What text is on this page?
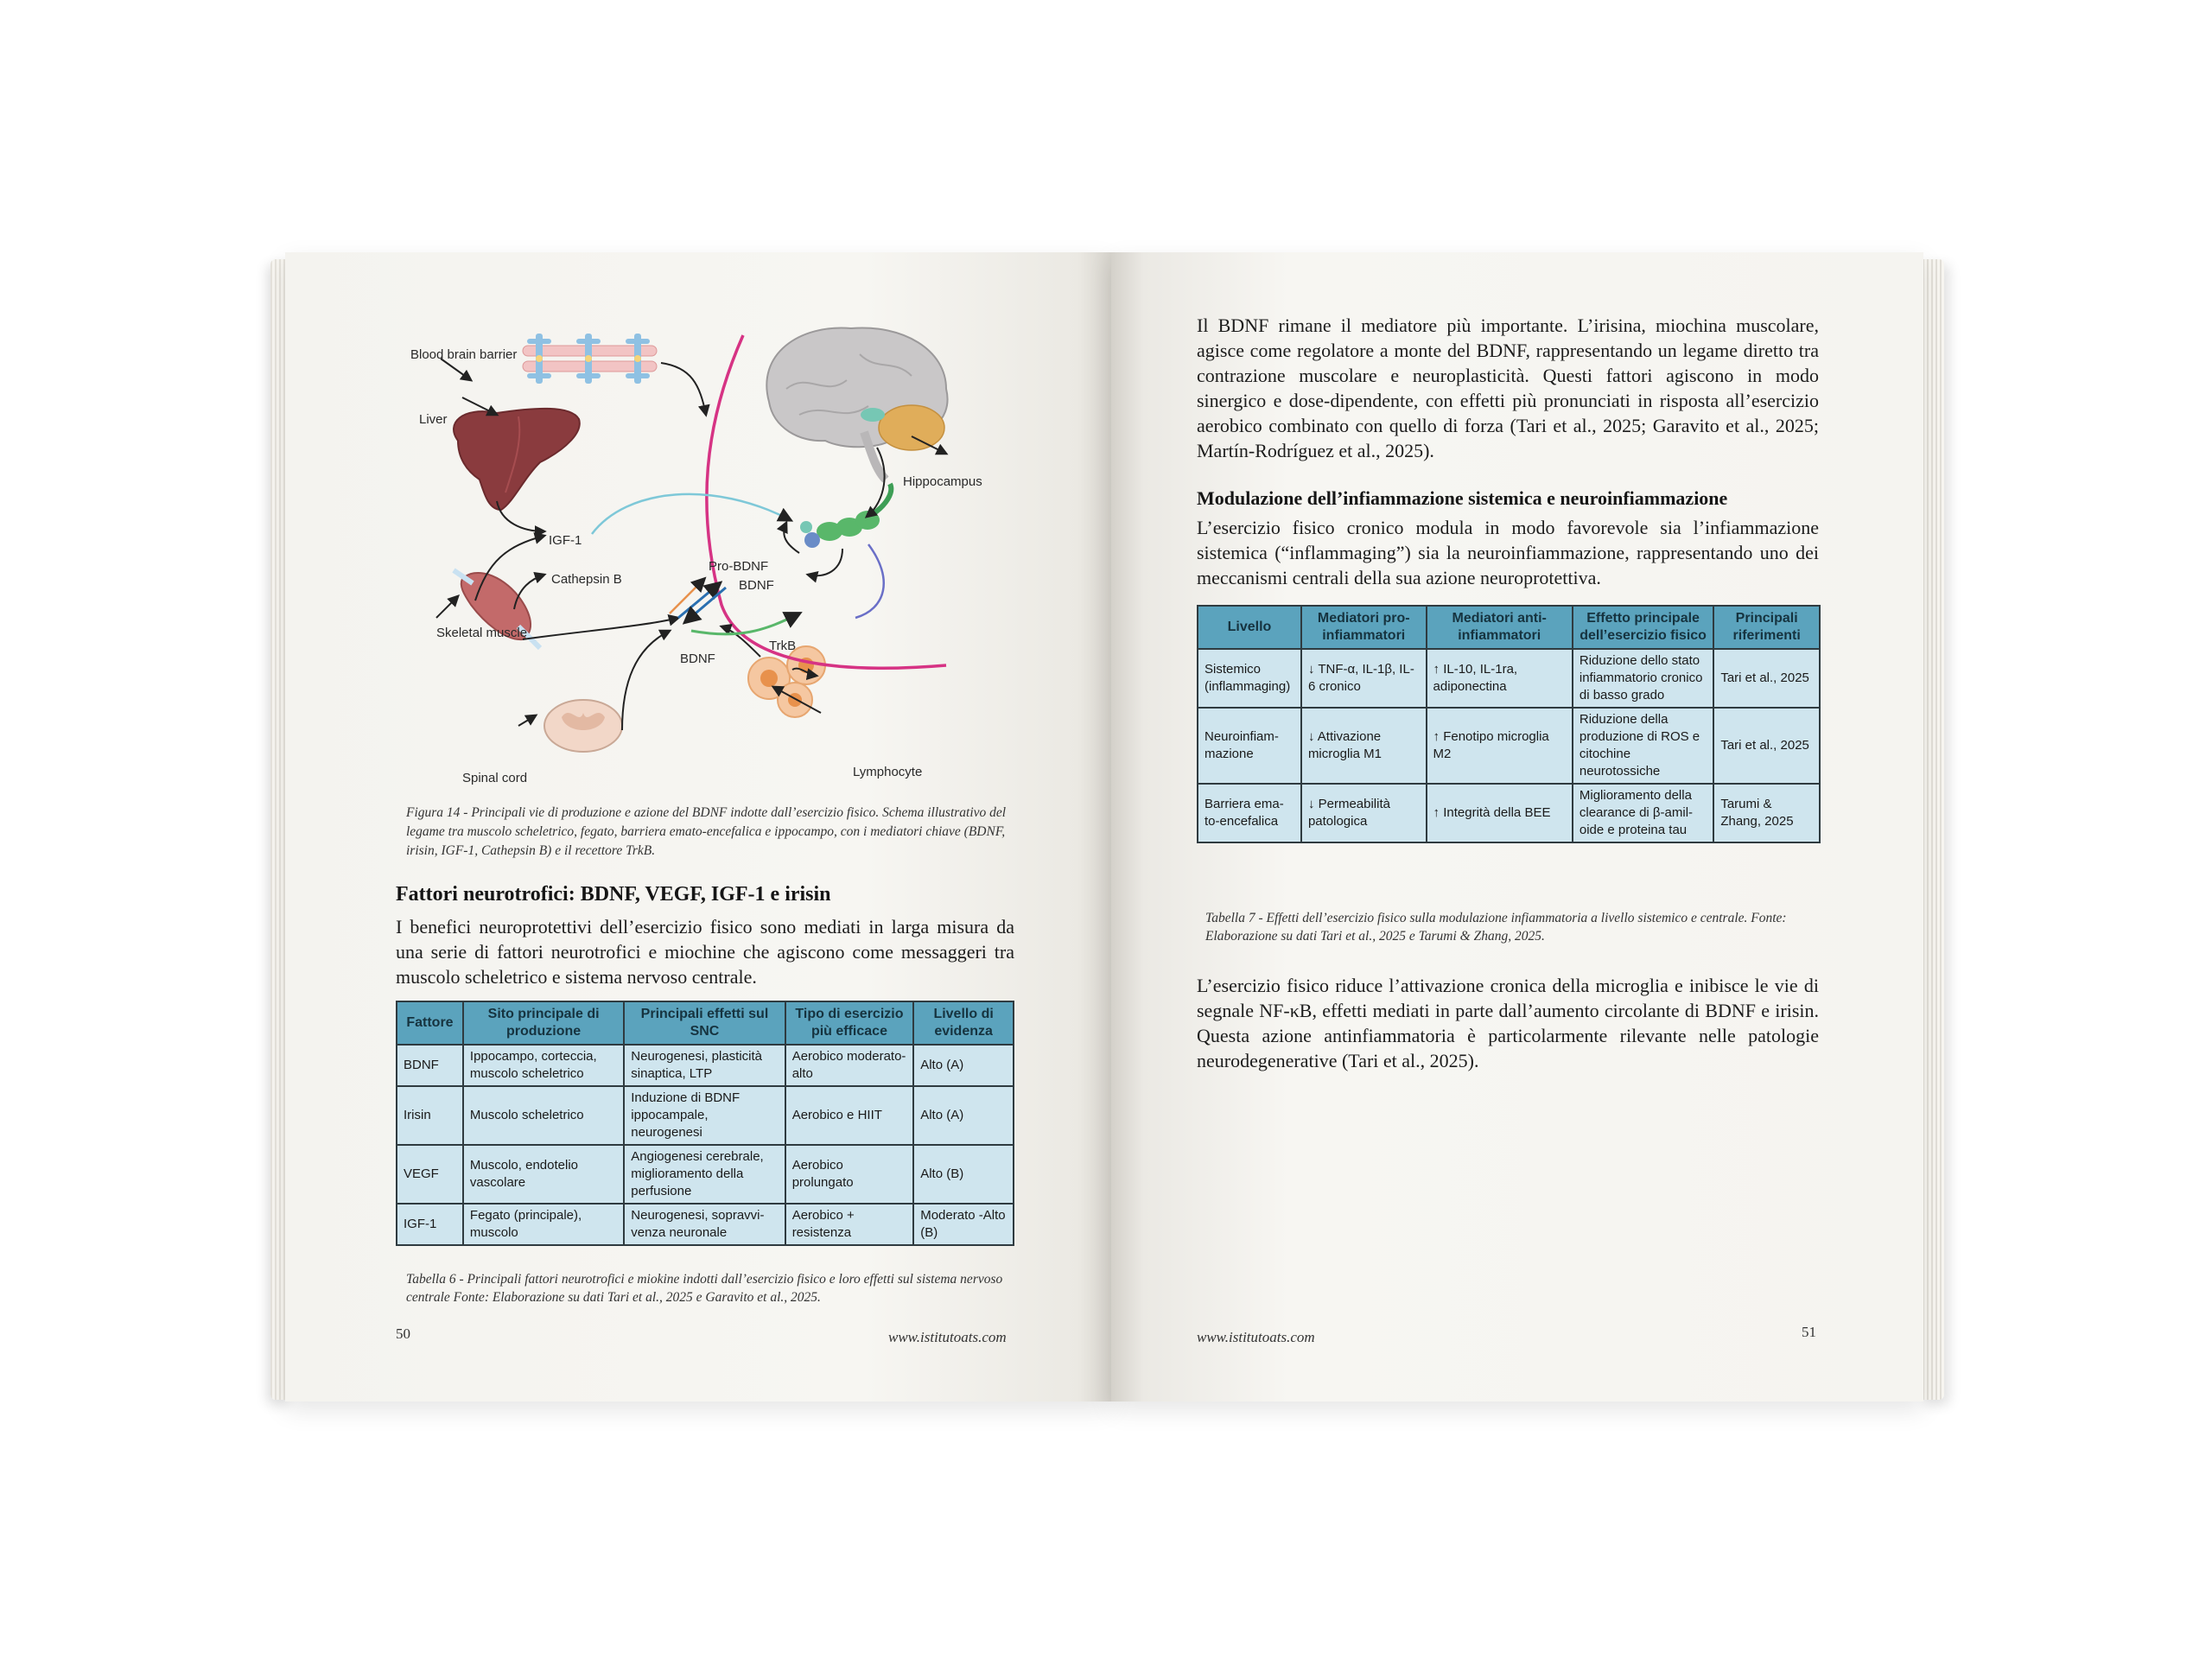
Blood brain barrier
Liver
IGF-1
Cathepsin B
Skeletal muscle
Spinal cord
BDNF
Pro-BDNF
BDNF
TrkB
Lymphocyte
Hippocampus
Figura 14 - Principali vie di produzione e azione del BDNF indotte dall’esercizio fisico. Schema illustrativo del legame tra muscolo scheletrico, fegato, barriera emato-encefalica e ippocampo, con i mediatori chiave (BDNF, irisin, IGF-1, Cathepsin B) e il recettore TrkB.
Fattori neurotrofici: BDNF, VEGF, IGF-1 e irisin

I benefici neuroprotettivi dell’esercizio fisico sono mediati in larga misura da una serie di fattori neurotrofici e miochine che agiscono come messaggeri tra muscolo scheletrico e sistema nervoso centrale.

Fattore	Sito principale di produzione	Principali effetti sul SNC	Tipo di esercizio più efficace	Livello di evidenza
BDNF	Ippocampo, corteccia, muscolo scheletrico	Neurogenesi, plasticità sinaptica, LTP	Aerobico moderato-alto	Alto (A)
Irisin	Muscolo scheletrico	Induzione di BDNF ippocampale, neurogenesi	Aerobico e HIIT	Alto (A)
VEGF	Muscolo, endotelio vascolare	Angiogenesi cerebrale, miglioramento della perfusione	Aerobico prolungato	Alto (B)
IGF-1	Fegato (principale), muscolo	Neurogenesi, sopravvi-venza neuronale	Aerobico + resistenza	Moderato -Alto (B)
Tabella 6 - Principali fattori neurotrofici e miokine indotti dall’esercizio fisico e loro effetti sul sistema nervoso centrale Fonte: Elaborazione su dati Tari et al., 2025 e Garavito et al., 2025.
50	www.istitutoats.com

Il BDNF rimane il mediatore più importante. L’irisina, miochina muscolare, agisce come regolatore a monte del BDNF, rappresentando un legame diretto tra contrazione muscolare e neuroplasticità. Questi fattori agiscono in modo sinergico e dose-dipendente, con effetti più pronunciati in risposta all’esercizio aerobico combinato con quello di forza (Tari et al., 2025; Garavito et al., 2025; Martín-Rodríguez et al., 2025).

Modulazione dell’infiammazione sistemica e neuroinfiammazione

L’esercizio fisico cronico modula in modo favorevole sia l’infiammazione sistemica (“inflammaging”) sia la neuroinfiammazione, rappresentando uno dei meccanismi centrali della sua azione neuroprotettiva.

Livello	Mediatori pro-infiammatori	Mediatori anti-infiammatori	Effetto principale dell’esercizio fisico	Principali riferimenti
Sistemico (inflammaging)	↓ TNF-α, IL-1β, IL-6 cronico	↑ IL-10, IL-1ra, adiponectina	Riduzione dello stato infiammatorio cronico di basso grado	Tari et al., 2025
Neuroinfiam-mazione	↓ Attivazione microglia M1	↑ Fenotipo microglia M2	Riduzione della produzione di ROS e citochine neurotossiche	Tari et al., 2025
Barriera ema-to-encefalica	↓ Permeabilità patologica	↑ Integrità della BEE	Miglioramento della clearance di β-amil-oide e proteina tau	Tarumi & Zhang, 2025
Tabella 7 - Effetti dell’esercizio fisico sulla modulazione infiammatoria a livello sistemico e centrale. Fonte: Elaborazione su dati Tari et al., 2025 e Tarumi & Zhang, 2025.

L’esercizio fisico riduce l’attivazione cronica della microglia e inibisce le vie di segnale NF-κB, effetti mediati in parte dall’aumento circolante di BDNF e irisin. Questa azione antinfiammatoria è particolarmente rilevante nelle patologie neurodegenerative (Tari et al., 2025).

www.istitutoats.com	51
